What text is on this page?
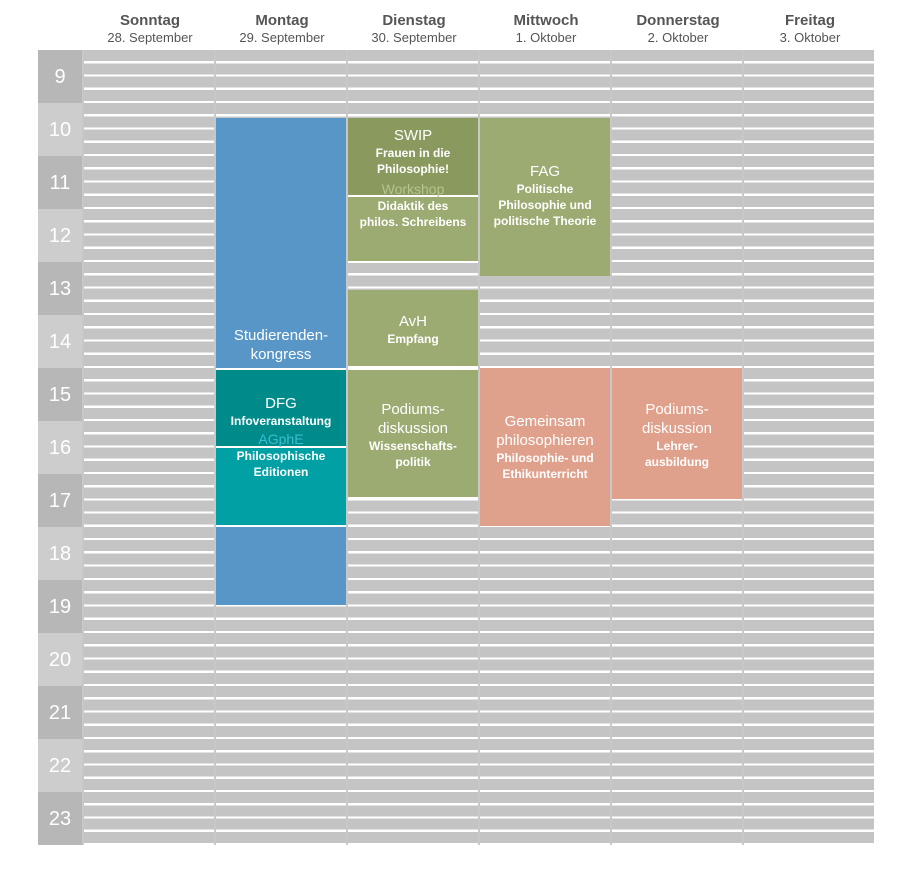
Sonntag
28. September
Montag
29. September
Dienstag
30. September
Mittwoch
1. Oktober
Donnerstag
2. Oktober
Freitag
3. Oktober
9
10
11
12
13
14
15
16
17
18
19
20
21
22
23
Studierenden-
kongress
DFG
Infoveranstaltung
AGphE
Philosophische
Editionen
SWIP
Frauen in die
Philosophie!
Workshop
Didaktik des
philos. Schreibens
AvH
Empfang
Podiums-
diskussion
Wissenschafts-
politik
FAG
Politische
Philosophie und
politische Theorie
Gemeinsam
philosophieren
Philosophie- und
Ethikunterricht
Podiums-
diskussion
Lehrer-
ausbildung
